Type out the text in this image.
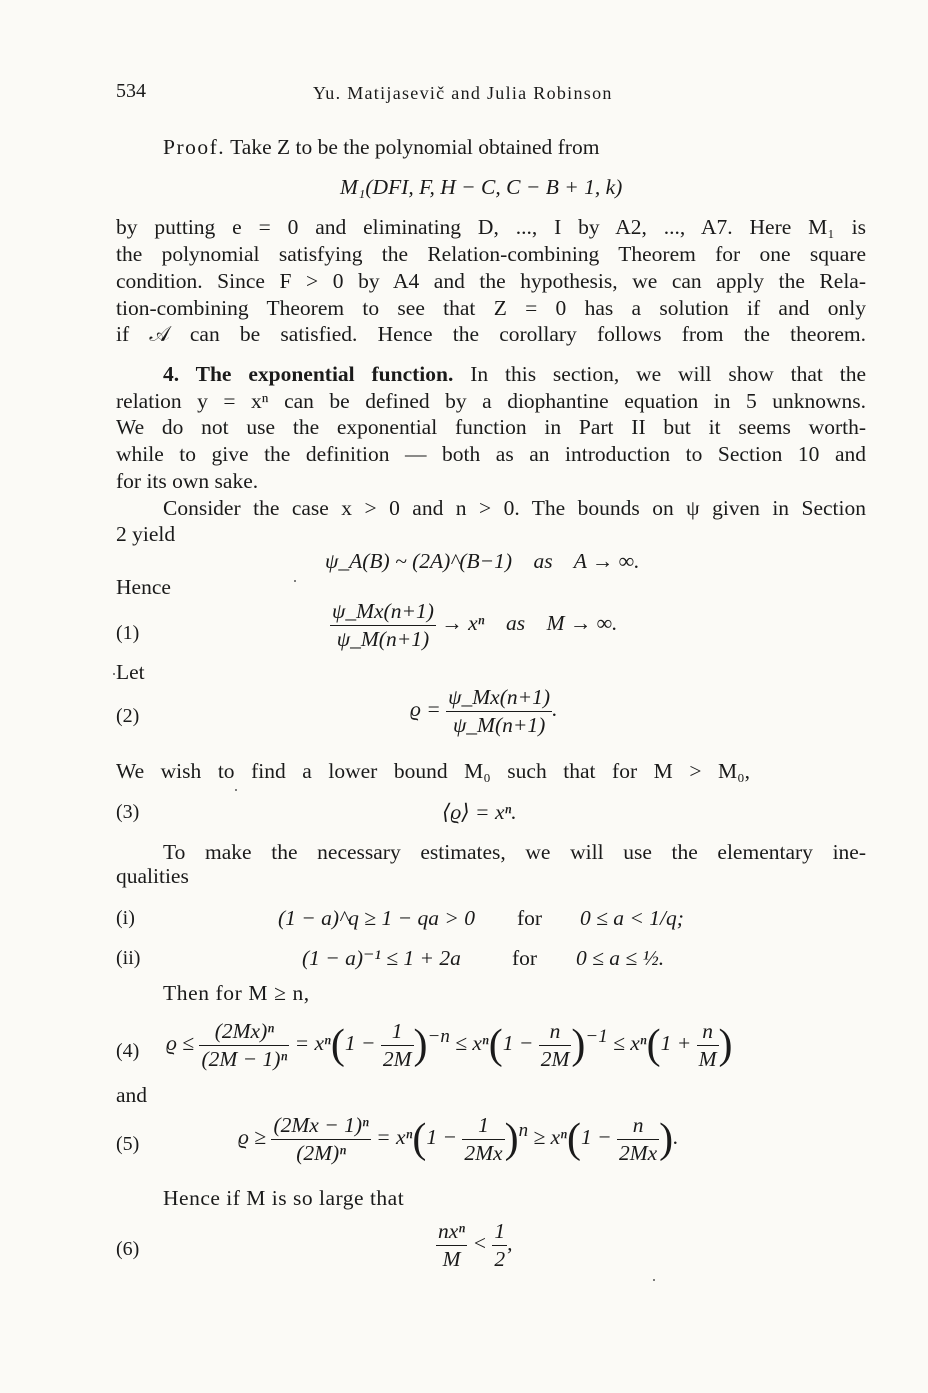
534	Yu. Matijasevič and Julia Robinson
Proof. Take Z to be the polynomial obtained from
M₁(DFI, F, H − C, C − B + 1, k)
by putting e = 0 and eliminating D, ..., I by A2, ..., A7. Here M₁ is
the polynomial satisfying the Relation-combining Theorem for one square
condition. Since F > 0 by A4 and the hypothesis, we can apply the Rela-
tion-combining Theorem to see that Z = 0 has a solution if and only
if 𝒜 can be satisfied. Hence the corollary follows from the theorem.
4. The exponential function. In this section, we will show that the
relation y = xⁿ can be defined by a diophantine equation in 5 unknowns.
We do not use the exponential function in Part II but it seems worth-
while to give the definition — both as an introduction to Section 10 and
for its own sake.
Consider the case x > 0 and n > 0. The bounds on ψ given in Section
2 yield
ψ_A(B) ~ (2A)^(B−1)    as    A → ∞.
Hence
(1)	$\frac{\psi\_Mx(n+1)}{\psi\_M(n+1)} \to x^n$    as    M → ∞.
Let
(2)	$ϱ = \frac{\psi\_Mx(n+1)}{\psi\_M(n+1)}$ .
We wish to find a lower bound M₀ such that for M > M₀,
(3)	⟨ϱ⟩ = xⁿ.
To make the necessary estimates, we will use the elementary ine-
qualities
(i)	(1 − a)^q ≥ 1 − qa > 0 for 0 ≤ a < 1/q;
(ii)	(1 − a)⁻¹ ≤ 1 + 2a for 0 ≤ a ≤ ½.
Then for M ≥ n,
(4) $ϱ \le \frac{\text{(2Mx)ⁿ}}{\text{(2M − 1)ⁿ}} = x^n(1 - \frac{1}{2M} )^{-n} \le x^n(1 - \frac{n}{2M} )^{-1} \le x^n(1 + \frac{n}{M}$ )
and
(5)	$ϱ \ge \frac{\text{(2Mx − 1)ⁿ}}{\text{(2M)ⁿ}} = x^n(1 - \frac{1}{2Mx} )^n \ge x^n(1 - \frac{n}{2Mx}$ ).
Hence if M is so large that
(6)	$\frac{\text{nxⁿ}}{M} < \frac{1}{2}$ ,
